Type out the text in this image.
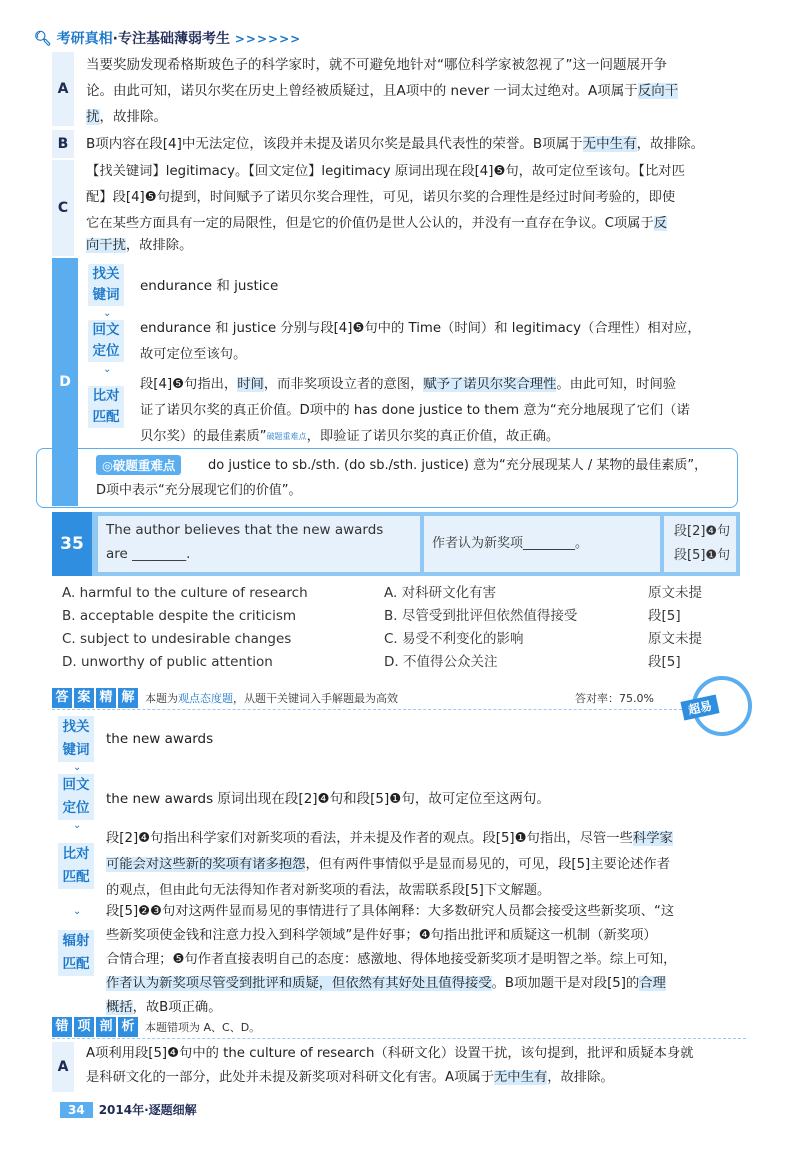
🔍︎ 考研真相·专注基础薄弱考生 >>>>>>
A
当要奖励发现希格斯玻色子的科学家时，就不可避免地针对“哪位科学家被忽视了”这一问题展开争
论。由此可知，诺贝尔奖在历史上曾经被质疑过，且A项中的 never 一词太过绝对。A项属于反向干
扰，故排除。
B	B项内容在段[4]中无法定位，该段并未提及诺贝尔奖是最具代表性的荣誉。B项属于无中生有，故排除。
C
【找关键词】legitimacy。【回文定位】legitimacy 原词出现在段[4]❺句，故可定位至该句。【比对匹
配】段[4]❺句提到，时间赋予了诺贝尔奖合理性，可见，诺贝尔奖的合理性是经过时间考验的，即使
它在某些方面具有一定的局限性，但是它的价值仍是世人公认的，并没有一直存在争议。C项属于反
向干扰，故排除。
D
找关
键词
endurance 和 justice
⌄
回文
定位
endurance 和 justice 分别与段[4]❺句中的 Time（时间）和 legitimacy（合理性）相对应，
故可定位至该句。
⌄
比对
匹配
段[4]❺句指出，时间，而非奖项设立者的意图，赋予了诺贝尔奖合理性。由此可知，时间验
证了诺贝尔奖的真正价值。D项中的 has done justice to them 意为“充分地展现了它们（诺
贝尔奖）的最佳素质”$^{破题重难点}$，即验证了诺贝尔奖的真正价值，故正确。
◎破题重难点	do justice to sb./sth. (do sb./sth. justice) 意为“充分展现某人 / 某物的最佳素质”，
D项中表示“充分展现它们的价值”。
35
The author believes that the new awards
are ________.
作者认为新奖项________。
段[2]❹句
段[5]❶句
A. harmful to the culture of research	A. 对科研文化有害	原文未提
B. acceptable despite the criticism	B. 尽管受到批评但依然值得接受	段[5]
C. subject to undesirable changes	C. 易受不利变化的影响	原文未提
D. unworthy of public attention	D. 不值得公众关注	段[5]
答 案 精 解 本题为观点态度题，从题干关键词入手解题最为高效	答对率：75.0%
超易
找关
键词
the new awards
⌄
回文
定位
the new awards 原词出现在段[2]❹句和段[5]❶句，故可定位至这两句。
⌄
比对
匹配
段[2]❹句指出科学家们对新奖项的看法，并未提及作者的观点。段[5]❶句指出，尽管一些科学家
可能会对这些新的奖项有诸多抱怨，但有两件事情似乎是显而易见的，可见，段[5]主要论述作者
的观点，但由此句无法得知作者对新奖项的看法，故需联系段[5]下文解题。
⌄
辐射
匹配
段[5]❷❸句对这两件显而易见的事情进行了具体阐释：大多数研究人员都会接受这些新奖项、“这
些新奖项使金钱和注意力投入到科学领域”是件好事；❹句指出批评和质疑这一机制（新奖项）
合情合理；❺句作者直接表明自己的态度：感激地、得体地接受新奖项才是明智之举。综上可知，
作者认为新奖项尽管受到批评和质疑，但依然有其好处且值得接受。B项加题干是对段[5]的合理
概括，故B项正确。
错 项 剖 析 本题错项为 A、C、D。
A
A项利用段[5]❹句中的 the culture of research（科研文化）设置干扰，该句提到，批评和质疑本身就
是科研文化的一部分，此处并未提及新奖项对科研文化有害。A项属于无中生有，故排除。
34 2014年·逐题细解
